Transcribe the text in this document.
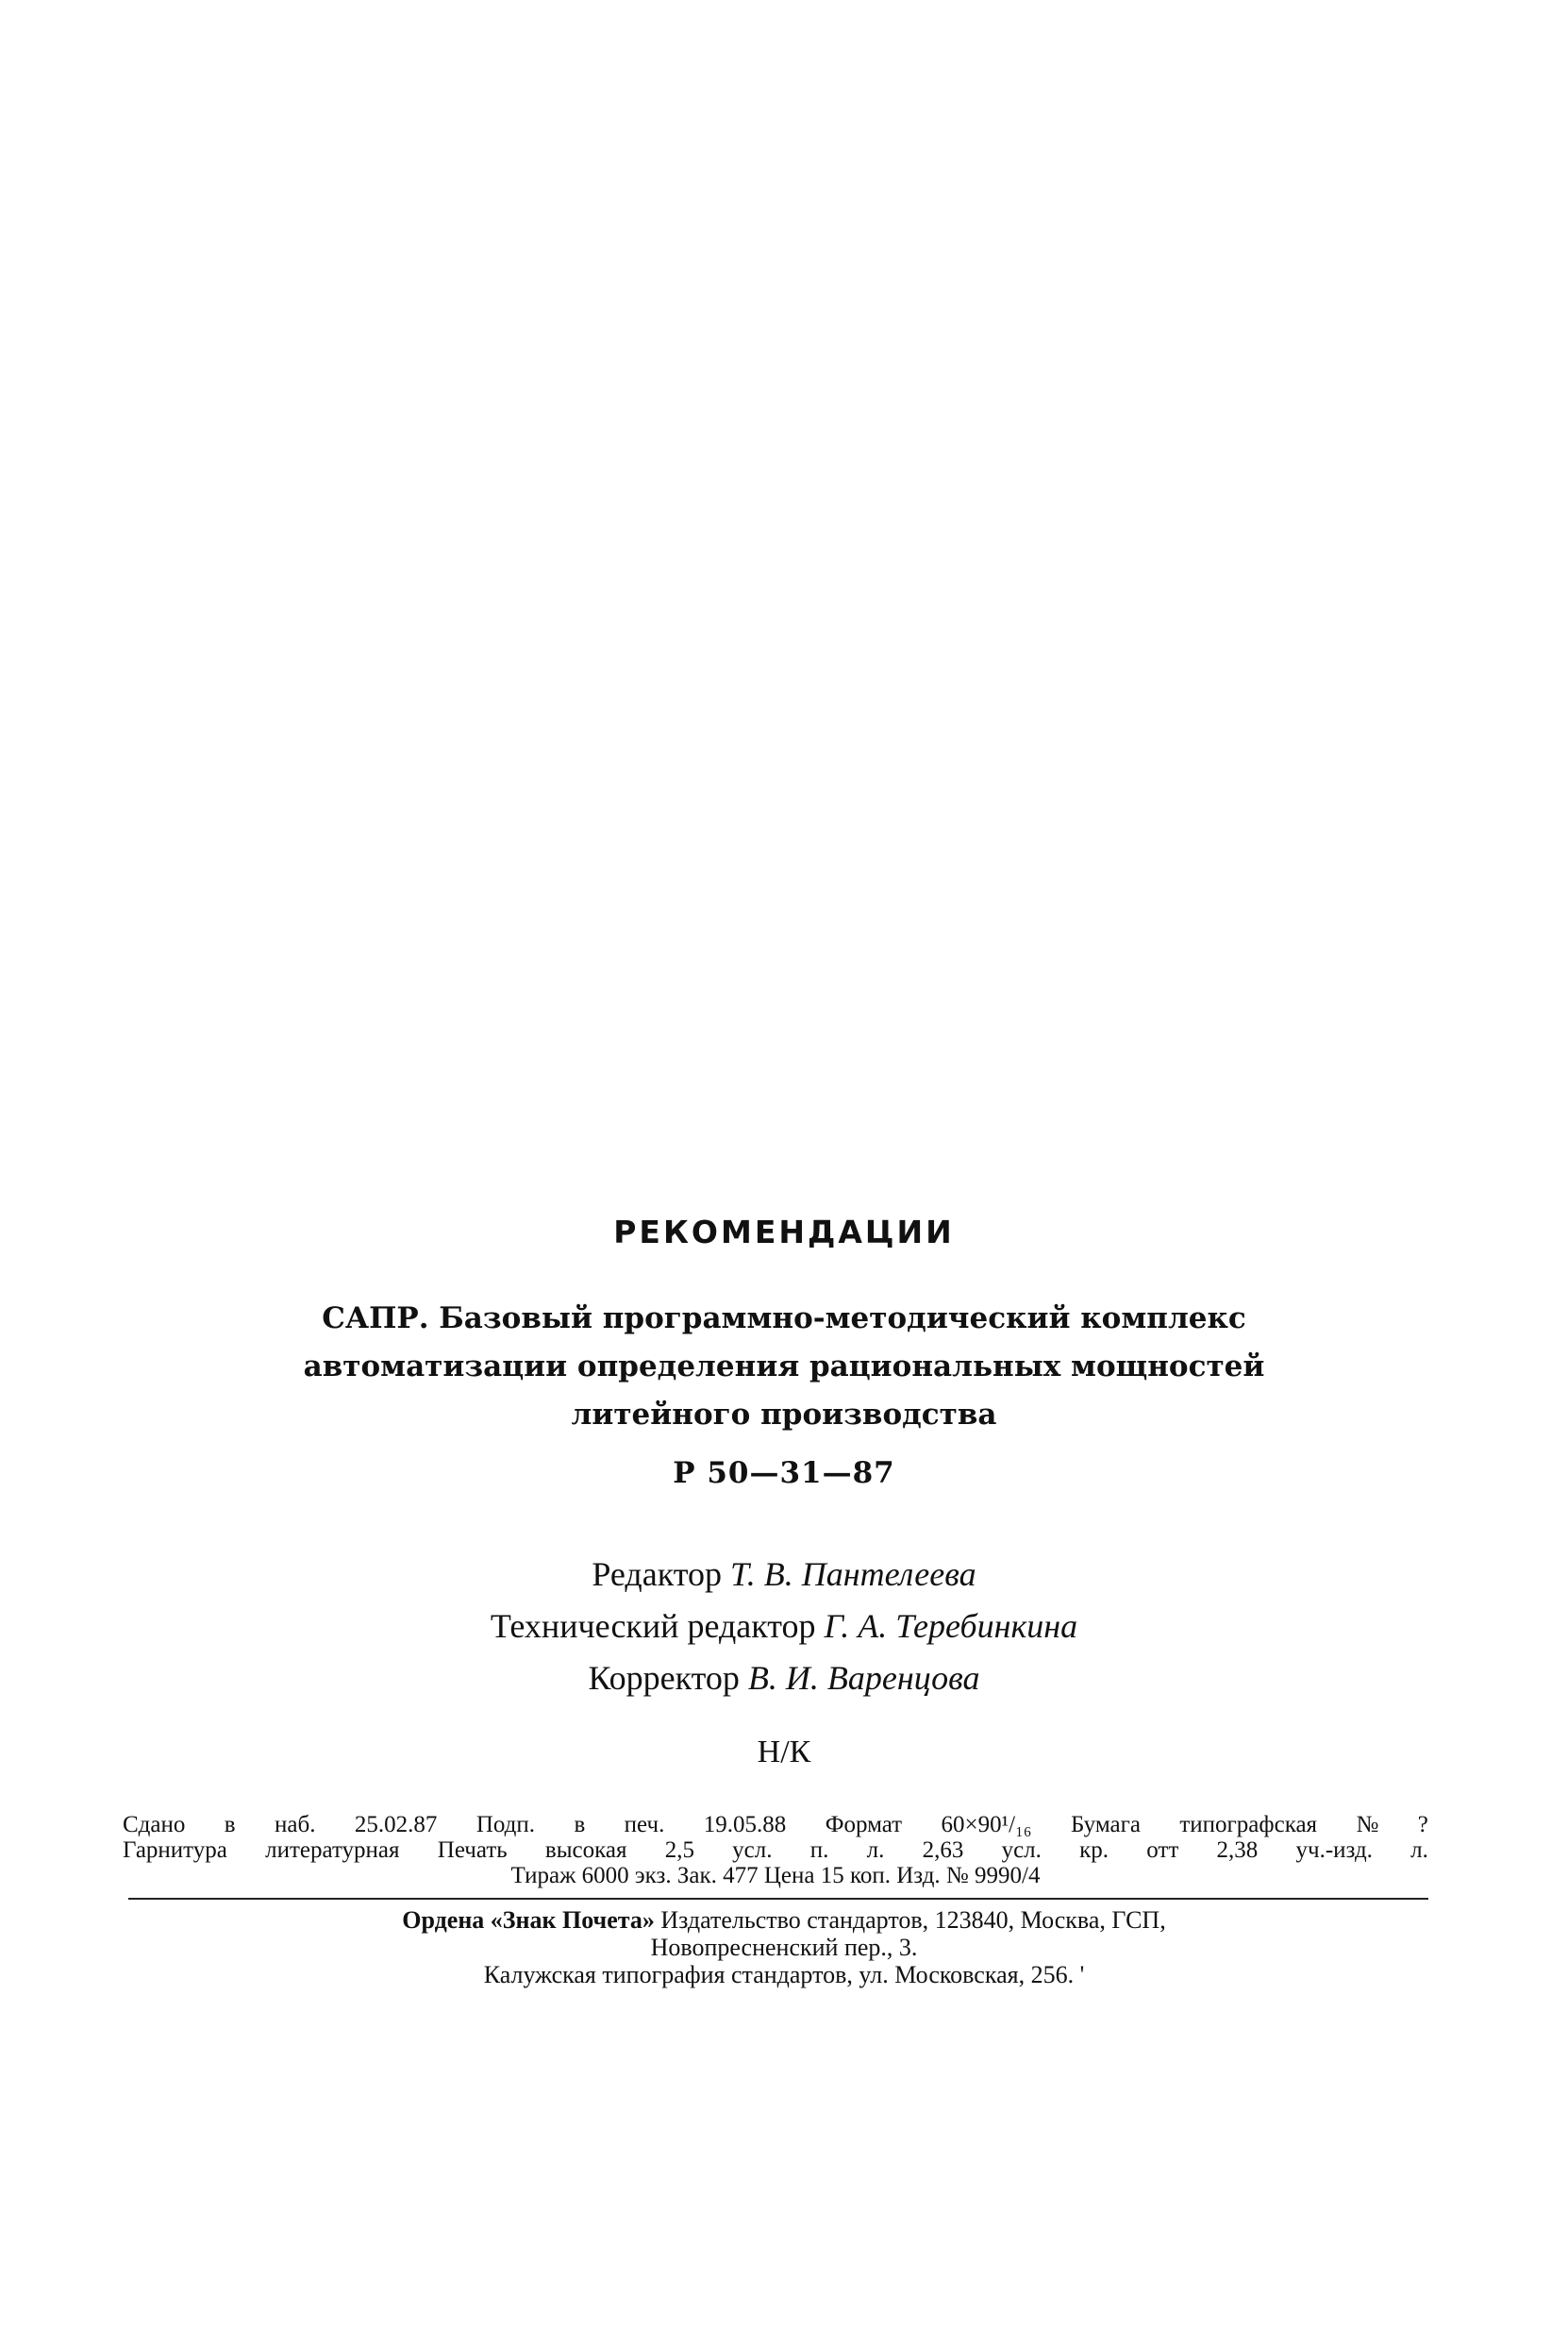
РЕКОМЕНДАЦИИ
САПР. Базовый программно-методический комплекс
автоматизации определения рациональных мощностей
литейного производства
Р 50—31—87
Редактор Т. В. Пантелеева
Технический редактор Г. А. Теребинкина
Корректор В. И. Варенцова
Н/К
Сдано в наб. 25.02.87 Подп. в печ. 19.05.88 Формат 60×90¹/₁₆ Бумага типографская № ?
Гарнитура литературная Печать высокая 2,5 усл. п. л. 2,63 усл. кр. отт 2,38 уч.-изд. л.
Тираж 6000 экз. Зак. 477 Цена 15 коп. Изд. № 9990/4
Ордена «Знак Почета» Издательство стандартов, 123840, Москва, ГСП,
Новопресненский пер., 3.
Калужская типография стандартов, ул. Московская, 256. '
